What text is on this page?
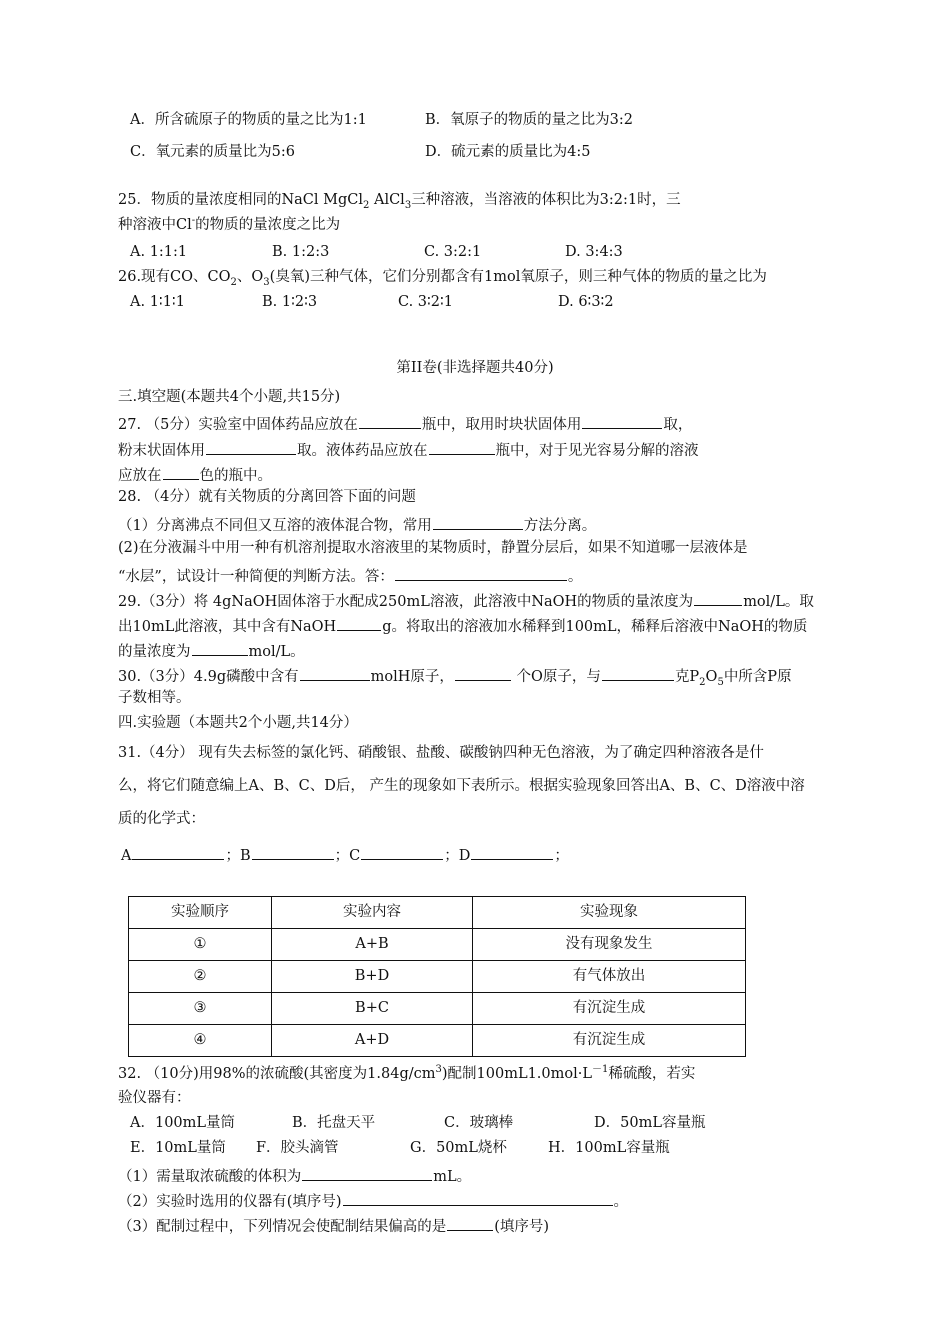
A．所含硫原子的物质的量之比为1:1	B．氧原子的物质的量之比为3:2
C．氧元素的质量比为5:6	D．硫元素的质量比为4:5
25．物质的量浓度相同的NaCl MgCl$_2$ AlCl$_3$三种溶液，当溶液的体积比为3:2:1时，三
种溶液中Cl-的物质的量浓度之比为
A. 1:1:1	B. 1:2:3	C. 3:2:1	D. 3:4:3
26.现有CO、$CO_2$、$O_3$(臭氧)三种气体，它们分别都含有1mol氧原子，则三种气体的物质的量之比为
A. 1∶1∶1	B. 1∶2∶3	C. 3∶2∶1	D. 6∶3∶2
第II卷(非选择题共40分)
三.填空题(本题共4个小题,共15分)
27. （5分）实验室中固体药品应放在	瓶中，取用时块状固体用	取，
粉末状固体用	取。液体药品应放在	瓶中，对于见光容易分解的溶液
应放在	色的瓶中。
28. （4分）就有关物质的分离回答下面的问题
（1）分离沸点不同但又互溶的液体混合物，常用	方法分离。
(2)在分液漏斗中用一种有机溶剂提取水溶液里的某物质时，静置分层后，如果不知道哪一层液体是
“水层”，试设计一种简便的判断方法。答：	。
29.（3分）将 4gNaOH固体溶于水配成250mL溶液，此溶液中NaOH的物质的量浓度为	mol/L。取
出10mL此溶液，其中含有NaOH	g。将取出的溶液加水稀释到100mL，稀释后溶液中NaOH的物质
的量浓度为	mol/L。
30.（3分）4.9g磷酸中含有	molH原子，	个O原子，与	克$P_2O_5$中所含P原
子数相等。
四.实验题（本题共2个小题,共14分）
31.（4分） 现有失去标签的氯化钙、硝酸银、盐酸、碳酸钠四种无色溶液，为了确定四种溶液各是什
么，将它们随意编上A、B、C、D后， 产生的现象如下表所示。根据实验现象回答出A、B、C、D溶液中溶
质的化学式：
A	；B	；C	；D	；
实验顺序	实验内容	实验现象
①	A+B	没有现象发生
②	B+D	有气体放出
③	B+C	有沉淀生成
④	A+D	有沉淀生成
32. （10分)用98%的浓硫酸(其密度为$1.84g/cm^3$)配制$100mL1.0mol\cdot L^{-1}$稀硫酸，若实
验仪器有：
A．100mL量筒	B．托盘天平	C．玻璃棒	D．50mL容量瓶
E．10mL量筒 F．胶头滴管	G．50mL烧杯	H．100mL容量瓶
（1）需量取浓硫酸的体积为	mL。
（2）实验时选用的仪器有(填序号)	。
（3）配制过程中，下列情况会使配制结果偏高的是	(填序号)
